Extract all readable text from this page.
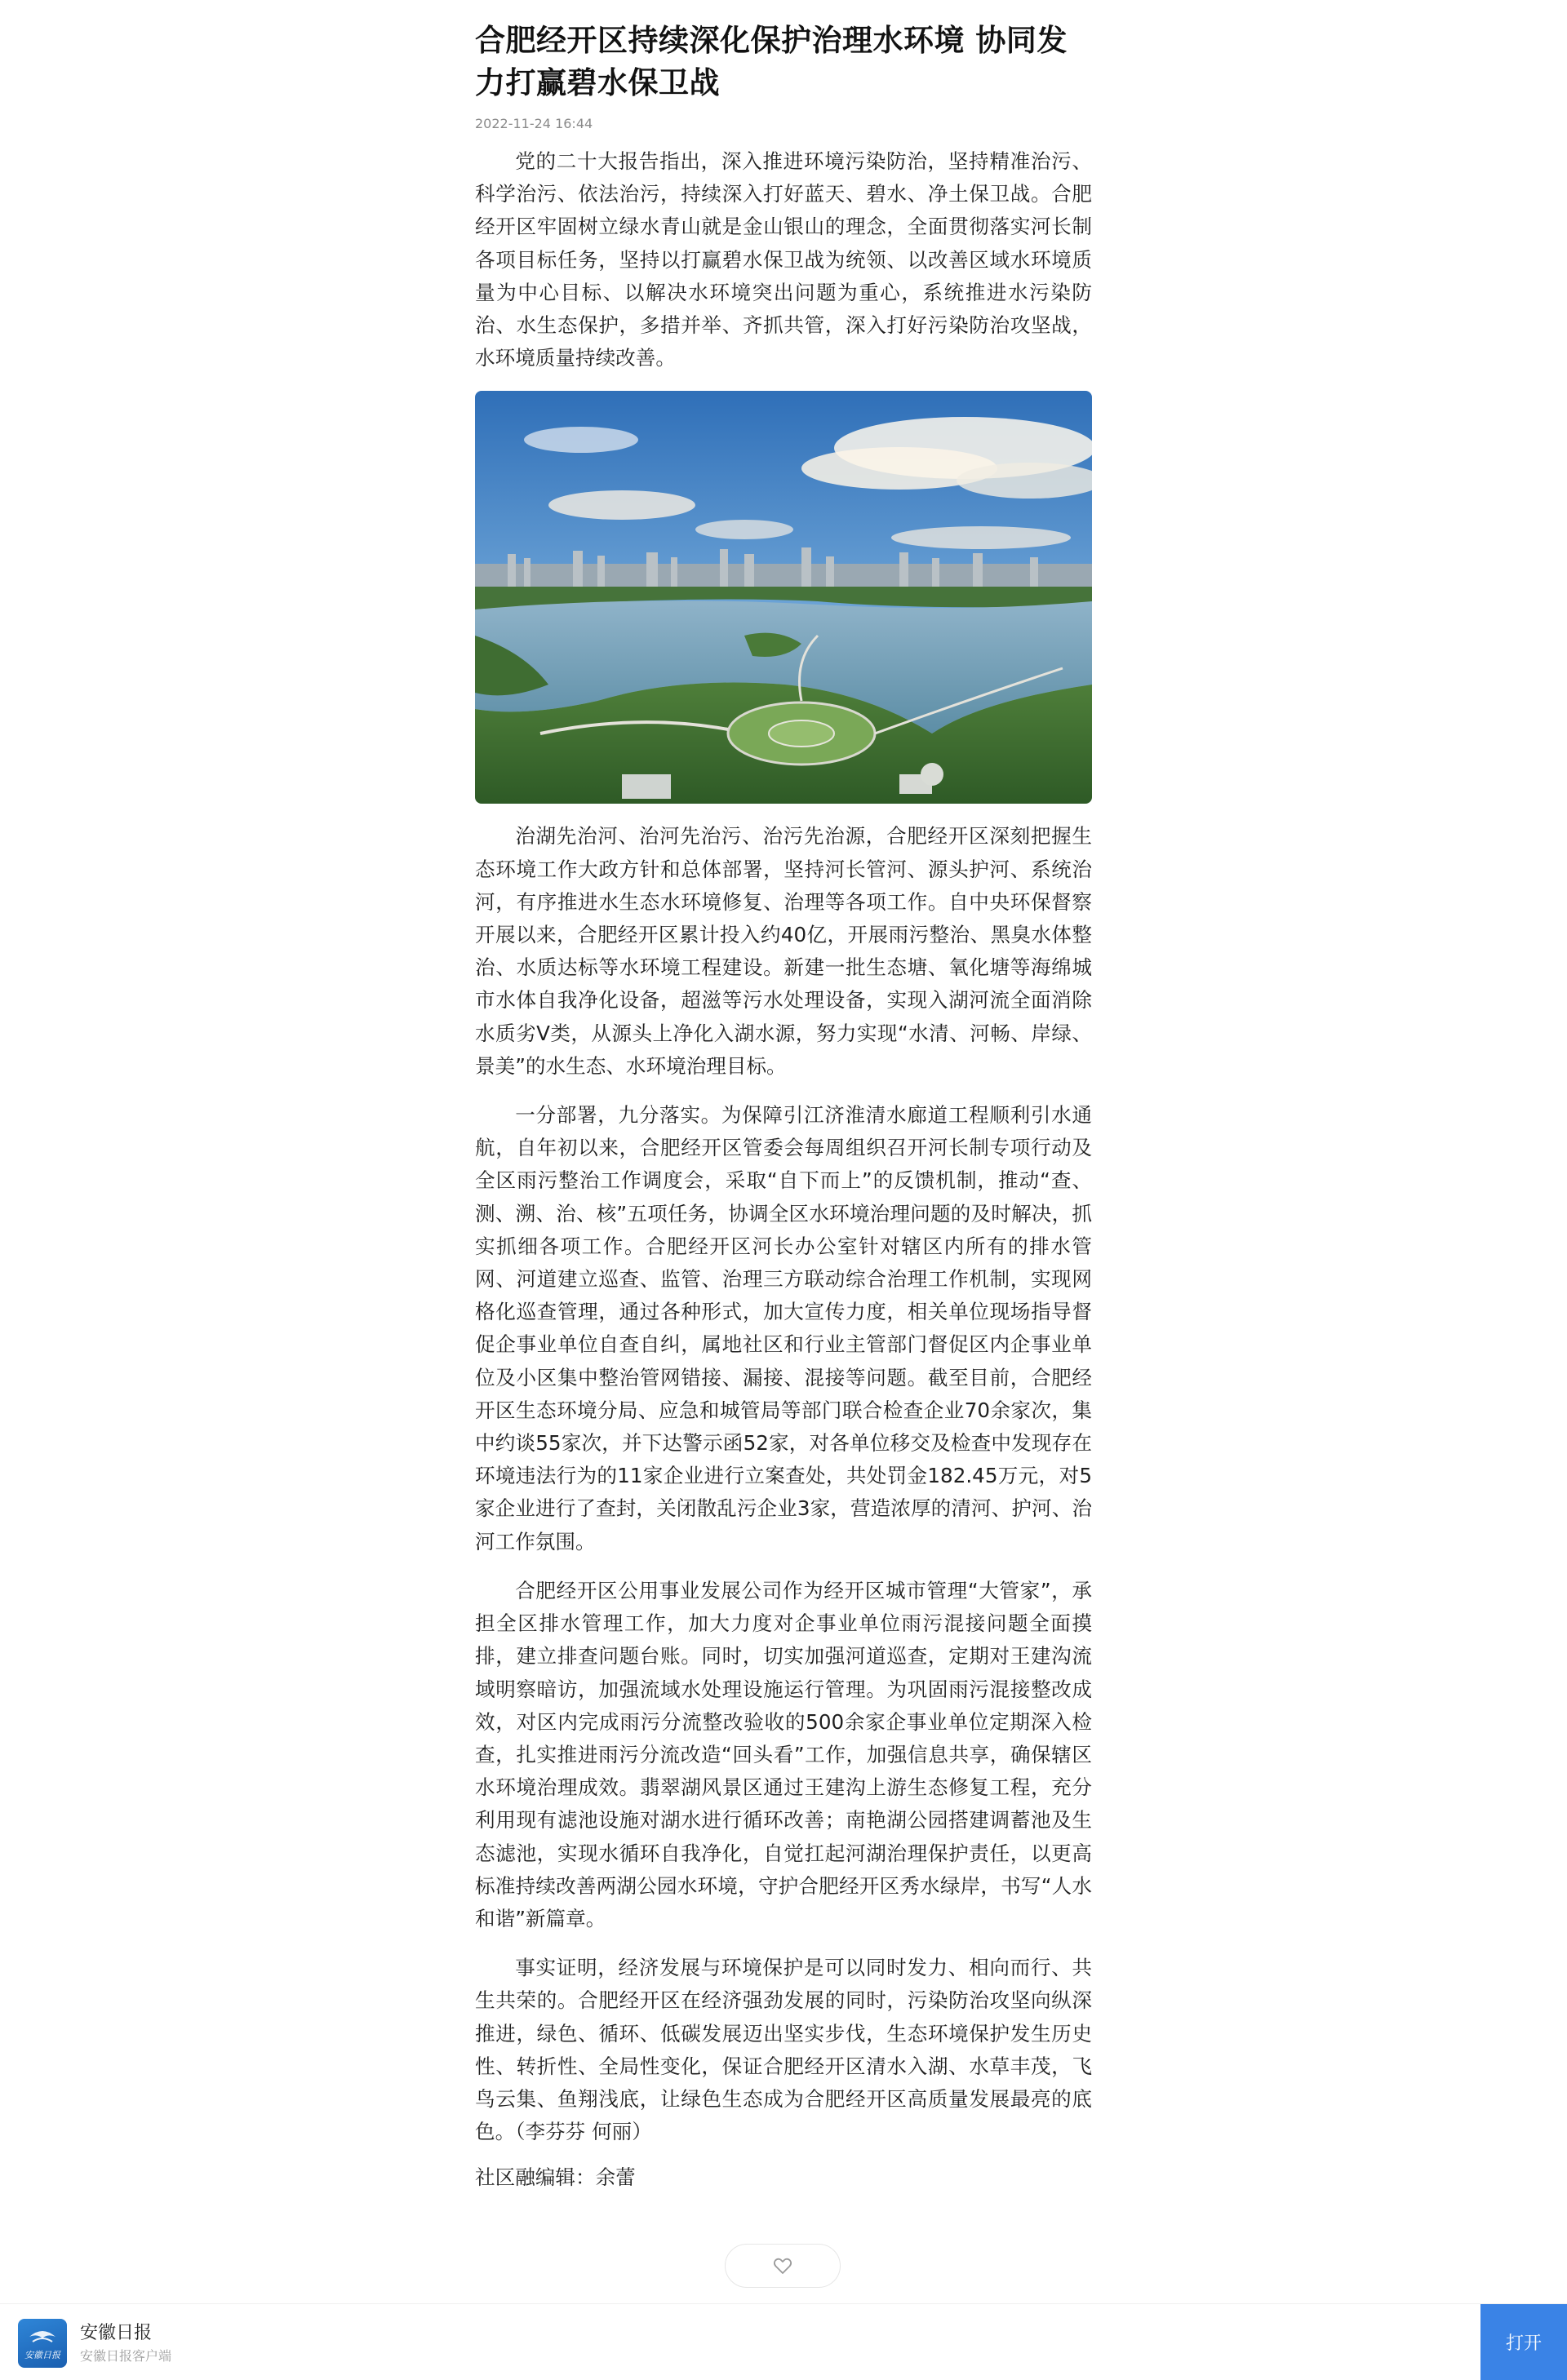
合肥经开区持续深化保护治理水环境 协同发力打赢碧水保卫战
2022-11-24 16:44

党的二十大报告指出，深入推进环境污染防治，坚持精准治污、科学治污、依法治污，持续深入打好蓝天、碧水、净土保卫战。合肥经开区牢固树立绿水青山就是金山银山的理念，全面贯彻落实河长制各项目标任务，坚持以打赢碧水保卫战为统领、以改善区域水环境质量为中心目标、以解决水环境突出问题为重心，系统推进水污染防治、水生态保护，多措并举、齐抓共管，深入打好污染防治攻坚战，水环境质量持续改善。

治湖先治河、治河先治污、治污先治源，合肥经开区深刻把握生态环境工作大政方针和总体部署，坚持河长管河、源头护河、系统治河，有序推进水生态水环境修复、治理等各项工作。自中央环保督察开展以来，合肥经开区累计投入约40亿，开展雨污整治、黑臭水体整治、水质达标等水环境工程建设。新建一批生态塘、氧化塘等海绵城市水体自我净化设备，超滋等污水处理设备，实现入湖河流全面消除水质劣Ⅴ类，从源头上净化入湖水源，努力实现“水清、河畅、岸绿、景美”的水生态、水环境治理目标。

一分部署，九分落实。为保障引江济淮清水廊道工程顺利引水通航，自年初以来，合肥经开区管委会每周组织召开河长制专项行动及全区雨污整治工作调度会，采取“自下而上”的反馈机制，推动“查、测、溯、治、核”五项任务，协调全区水环境治理问题的及时解决，抓实抓细各项工作。合肥经开区河长办公室针对辖区内所有的排水管网、河道建立巡查、监管、治理三方联动综合治理工作机制，实现网格化巡查管理，通过各种形式，加大宣传力度，相关单位现场指导督促企事业单位自查自纠，属地社区和行业主管部门督促区内企事业单位及小区集中整治管网错接、漏接、混接等问题。截至目前，合肥经开区生态环境分局、应急和城管局等部门联合检查企业70余家次，集中约谈55家次，并下达警示函52家，对各单位移交及检查中发现存在环境违法行为的11家企业进行立案查处，共处罚金182.45万元，对5家企业进行了查封，关闭散乱污企业3家，营造浓厚的清河、护河、治河工作氛围。

合肥经开区公用事业发展公司作为经开区城市管理“大管家”，承担全区排水管理工作，加大力度对企事业单位雨污混接问题全面摸排，建立排查问题台账。同时，切实加强河道巡查，定期对王建沟流域明察暗访，加强流域水处理设施运行管理。为巩固雨污混接整改成效，对区内完成雨污分流整改验收的500余家企事业单位定期深入检查，扎实推进雨污分流改造“回头看”工作，加强信息共享，确保辖区水环境治理成效。翡翠湖风景区通过王建沟上游生态修复工程，充分利用现有滤池设施对湖水进行循环改善；南艳湖公园搭建调蓄池及生态滤池，实现水循环自我净化，自觉扛起河湖治理保护责任，以更高标准持续改善两湖公园水环境，守护合肥经开区秀水绿岸，书写“人水和谐”新篇章。

事实证明，经济发展与环境保护是可以同时发力、相向而行、共生共荣的。合肥经开区在经济强劲发展的同时，污染防治攻坚向纵深推进，绿色、循环、低碳发展迈出坚实步伐，生态环境保护发生历史性、转折性、全局性变化，保证合肥经开区清水入湖、水草丰茂，飞鸟云集、鱼翔浅底，让绿色生态成为合肥经开区高质量发展最亮的底色。（李芬芬 何丽）

社区融编辑：余蕾
安徽日报
安徽日报
安徽日报客户端
打开
